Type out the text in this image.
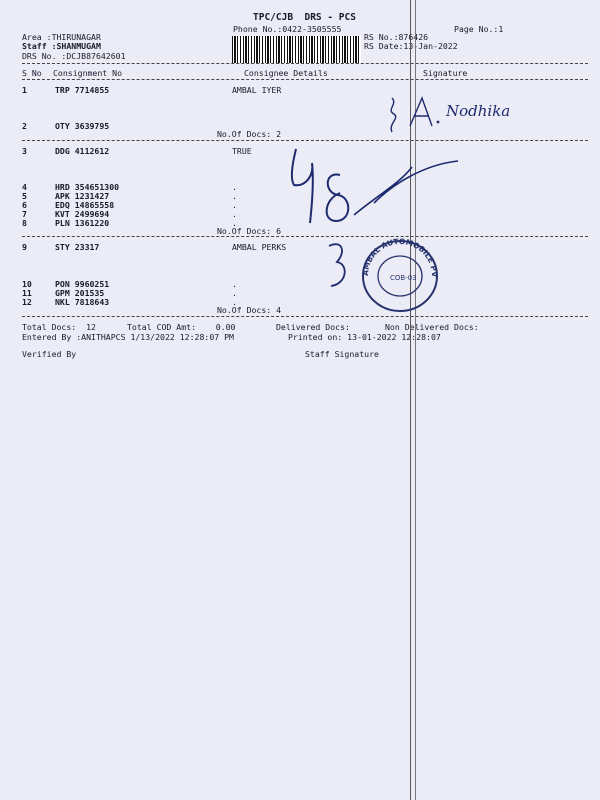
TPC/CJB  DRS - PCS
Phone No.:0422-3505555	Page No.:1
Area :THIRUNAGAR
Staff :SHANMUGAM
DRS No. :DCJB87642601
RS No.:876426
RS Date:13-Jan-2022
S No Consignment No	Consignee Details	Signature
1	TRP 7714855	AMBAL IYER
2	OTY 3639795
No.Of Docs: 2
3	DDG 4112612	TRUE
4	HRD 354651300	.
5	APK 1231427	.
6	EDQ 14865558	.
7	KVT 2499694	.
8	PLN 1361220	.
No.Of Docs: 6
9	STY 23317	AMBAL PERKS
10	PON 9960251	.
11	GPM 201535	.
12	NKL 7818643	.
No.Of Docs: 4
Total Docs:  12	Total COD Amt:    0.00	Delivered Docs:	Non Delivered Docs:
Entered By :ANITHAPCS 1/13/2022 12:28:07 PM	Printed on: 13-01-2022 12:28:07
Verified By	Staff Signature
Nodhika
AMBAL AUTOMOBILE PVT. LTD.
COB-03
